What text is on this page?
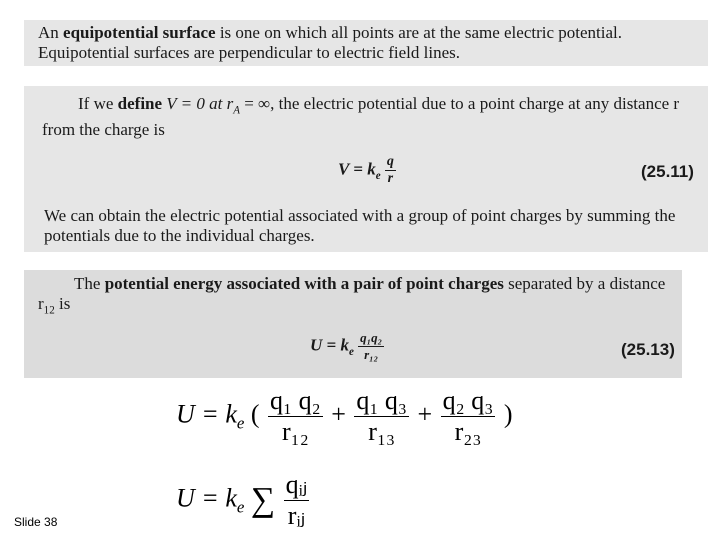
An equipotential surface is one on which all points are at the same electric potential. Equipotential surfaces are perpendicular to electric field lines.
If we define V = 0 at $r_A$ = ∞, the electric potential due to a point charge at any distance r from the charge is
$V = k_e \frac{q}{r}$	(25.11)
We can obtain the electric potential associated with a group of point charges by summing the potentials due to the individual charges.
The potential energy associated with a pair of point charges separated by a distance $r_{12}$ is
$U = k_e \frac{\text{q₁q₂}}{\text{r₁₂}}$	(25.13)
$U = k_e$ ( $\frac{\text{q₁ q₂}}{\text{r₁₂}} + \frac{\text{q₁ q₃}}{\text{r₁₃}} + \frac{\text{q₂ q₃}}{\text{r₂₃}}$ )
$U = k_e$ ∑ $\frac{\text{qᵢⱼ}}{\text{rᵢⱼ}}$
Slide 38
